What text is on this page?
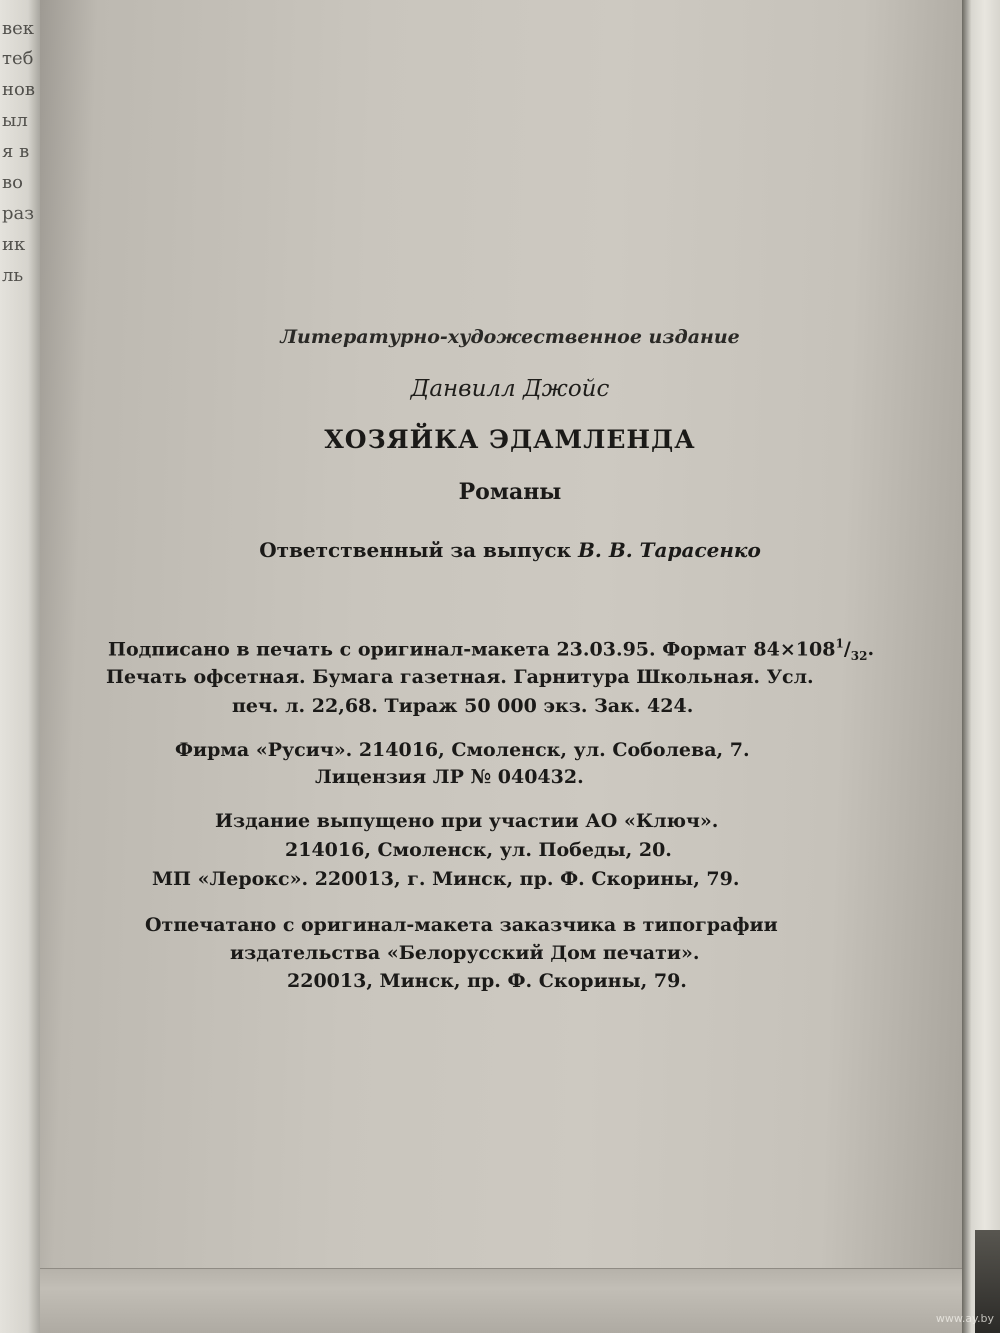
век
теб
нов
ыл
я в
во
раз
ик
ль
Литературно-художественное издание
Данвилл Джойс
ХОЗЯЙКА ЭДАМЛЕНДА
Романы
Ответственный за выпуск В. В. Тарасенко
Подписано в печать с оригинал-макета 23.03.95. Формат $84\times 108^1/_{32}$.
Печать офсетная. Бумага газетная. Гарнитура Школьная. Усл.
печ. л. 22,68. Тираж 50 000 экз. Зак. 424.
Фирма «Русич». 214016, Смоленск, ул. Соболева, 7.
Лицензия ЛР № 040432.
Издание выпущено при участии АО «Ключ».
214016, Смоленск, ул. Победы, 20.
МП «Лерокс». 220013, г. Минск, пр. Ф. Скорины, 79.
Отпечатано с оригинал-макета заказчика в типографии
издательства «Белорусский Дом печати».
220013, Минск, пр. Ф. Скорины, 79.
www.ay.by
